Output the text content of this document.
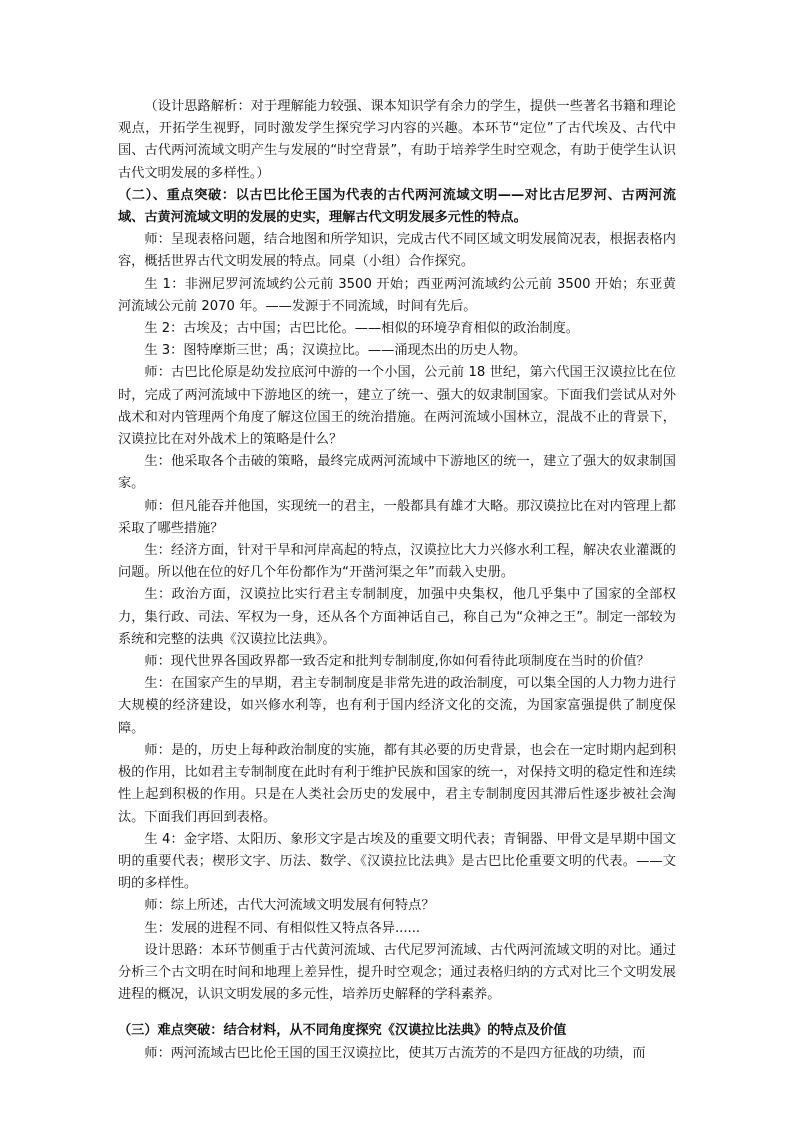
（设计思路解析：对于理解能力较强、课本知识学有余力的学生，提供一些著名书籍和理论观点，开拓学生视野，同时激发学生探究学习内容的兴趣。本环节“定位”了古代埃及、古代中国、古代两河流域文明产生与发展的“时空背景”，有助于培养学生时空观念，有助于使学生认识古代文明发展的多样性。）

（二）、重点突破：以古巴比伦王国为代表的古代两河流域文明——对比古尼罗河、古两河流域、古黄河流域文明的发展的史实，理解古代文明发展多元性的特点。

师：呈现表格问题，结合地图和所学知识，完成古代不同区域文明发展简况表，根据表格内容，概括世界古代文明发展的特点。同桌（小组）合作探究。

生 1：非洲尼罗河流域约公元前 3500 开始；西亚两河流域约公元前 3500 开始；东亚黄河流域公元前 2070 年。——发源于不同流域，时间有先后。

生 2：古埃及；古中国；古巴比伦。——相似的环境孕育相似的政治制度。

生 3：图特摩斯三世；禹；汉谟拉比。——涌现杰出的历史人物。

师：古巴比伦原是幼发拉底河中游的一个小国，公元前 18 世纪，第六代国王汉谟拉比在位时，完成了两河流域中下游地区的统一，建立了统一、强大的奴隶制国家。下面我们尝试从对外战术和对内管理两个角度了解这位国王的统治措施。在两河流域小国林立，混战不止的背景下，汉谟拉比在对外战术上的策略是什么？

生：他采取各个击破的策略，最终完成两河流域中下游地区的统一，建立了强大的奴隶制国家。

师：但凡能吞并他国，实现统一的君主，一般都具有雄才大略。那汉谟拉比在对内管理上都采取了哪些措施？

生：经济方面，针对干旱和河岸高起的特点，汉谟拉比大力兴修水利工程，解决农业灌溉的问题。所以他在位的好几个年份都作为“开凿河渠之年”而载入史册。

生：政治方面，汉谟拉比实行君主专制制度，加强中央集权，他几乎集中了国家的全部权力，集行政、司法、军权为一身，还从各个方面神话自己，称自己为“众神之王”。制定一部较为系统和完整的法典《汉谟拉比法典》。

师：现代世界各国政界都一致否定和批判专制制度,你如何看待此项制度在当时的价值？

生：在国家产生的早期，君主专制制度是非常先进的政治制度，可以集全国的人力物力进行大规模的经济建设，如兴修水利等，也有利于国内经济文化的交流，为国家富强提供了制度保障。

师：是的，历史上每种政治制度的实施，都有其必要的历史背景，也会在一定时期内起到积极的作用，比如君主专制制度在此时有利于维护民族和国家的统一，对保持文明的稳定性和连续性上起到积极的作用。只是在人类社会历史的发展中，君主专制制度因其滞后性逐步被社会淘汰。下面我们再回到表格。

生 4：金字塔、太阳历、象形文字是古埃及的重要文明代表；青铜器、甲骨文是早期中国文明的重要代表；楔形文字、历法、数学、《汉谟拉比法典》是古巴比伦重要文明的代表。——文明的多样性。

师：综上所述，古代大河流域文明发展有何特点？

生：发展的进程不同、有相似性又特点各异......

设计思路：本环节侧重于古代黄河流域、古代尼罗河流域、古代两河流域文明的对比。通过分析三个古文明在时间和地理上差异性，提升时空观念；通过表格归纳的方式对比三个文明发展进程的概况，认识文明发展的多元性，培养历史解释的学科素养。

（三）难点突破：结合材料，从不同角度探究《汉谟拉比法典》的特点及价值

师：两河流域古巴比伦王国的国王汉谟拉比，使其万古流芳的不是四方征战的功绩，而
